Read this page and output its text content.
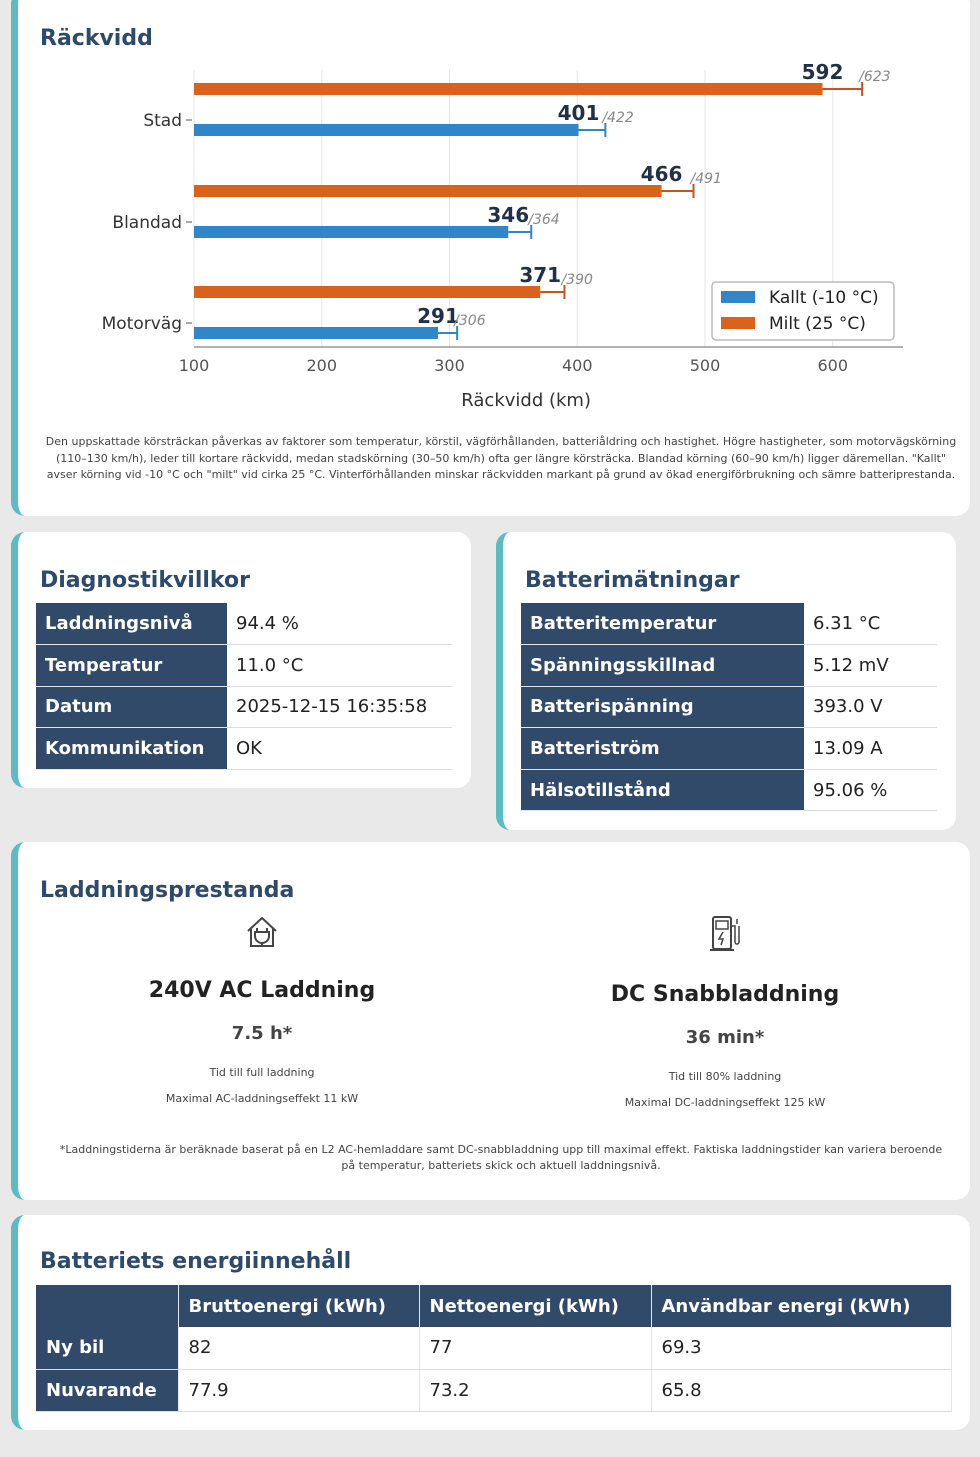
Räckvidd
100	200	300	400	500	600
Räckvidd (km)
Stad
592 /623
401 /422
Blandad
466 /491
346 /364
Motorväg
371 /390
291
/306
Kallt (-10 °C)
Milt (25 °C)
Den uppskattade körsträckan påverkas av faktorer som temperatur, körstil, vägförhållanden, batteriåldring och hastighet. Högre hastigheter, som motorvägskörning (110–130 km/h), leder till kortare räckvidd, medan stadskörning (30–50 km/h) ofta ger längre körsträcka. Blandad körning (60–90 km/h) ligger däremellan. "Kallt" avser körning vid -10 °C och "milt" vid cirka 25 °C. Vinterförhållanden minskar räckvidden markant på grund av ökad energiförbrukning och sämre batteriprestanda.
Diagnostikvillkor
Laddningsnivå	94.4 %
Temperatur	11.0 °C
Datum	2025-12-15 16:35:58
Kommunikation	OK
Batterimätningar
Batteritemperatur	6.31 °C
Spänningsskillnad	5.12 mV
Batterispänning	393.0 V
Batteriström	13.09 A
Hälsotillstånd	95.06 %
Laddningsprestanda
240V AC Laddning
7.5 h*
Tid till full laddning
Maximal AC-laddningseffekt 11 kW
DC Snabbladdning
36 min*
Tid till 80% laddning
Maximal DC-laddningseffekt 125 kW
*Laddningstiderna är beräknade baserat på en L2 AC-hemladdare samt DC-snabbladdning upp till maximal effekt. Faktiska laddningstider kan variera beroende på temperatur, batteriets skick och aktuell laddningsnivå.
Batteriets energiinnehåll
	Bruttoenergi (kWh)	Nettoenergi (kWh)	Användbar energi (kWh)
Ny bil	82	77	69.3
Nuvarande	77.9	73.2	65.8
